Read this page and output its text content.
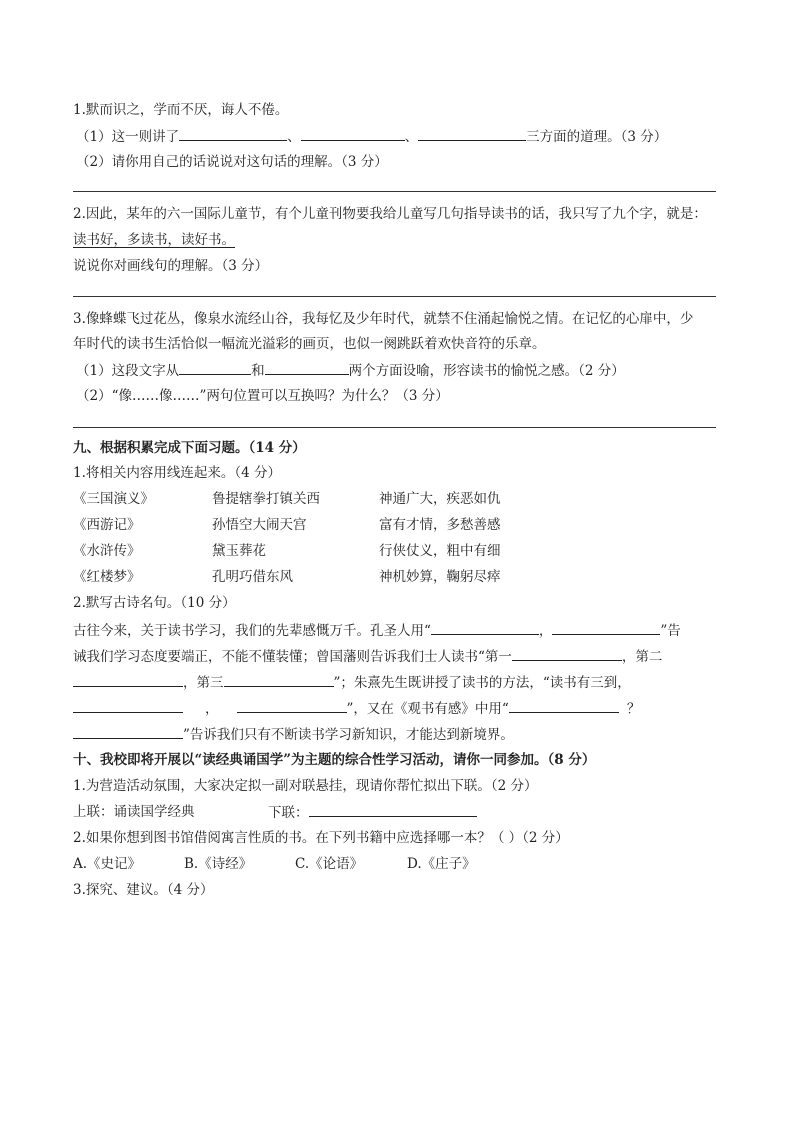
1.默而识之，学而不厌，诲人不倦。
（1）这一则讲了	、	、	三方面的道理。（3 分）
（2）请你用自己的话说说对这句话的理解。（3 分）
2.因此，某年的六一国际儿童节，有个儿童刊物要我给儿童写几句指导读书的话，我只写了九个字，就是：
读书好，多读书，读好书。
说说你对画线句的理解。（3 分）
3.像蜂蝶飞过花丛，像泉水流经山谷，我每忆及少年时代，就禁不住涌起愉悦之情。在记忆的心扉中，少
年时代的读书生活恰似一幅流光溢彩的画页，也似一阕跳跃着欢快音符的乐章。
（1）这段文字从	和	两个方面设喻，形容读书的愉悦之感。（2 分）
（2）“像……像……”两句位置可以互换吗？为什么？（3 分）
九、根据积累完成下面习题。（14 分）
1.将相关内容用线连起来。（4 分）
《三国演义》	鲁提辖拳打镇关西	神通广大，疾恶如仇
《西游记》	孙悟空大闹天宫	富有才情，多愁善感
《水浒传》	黛玉葬花	行侠仗义，粗中有细
《红楼梦》	孔明巧借东风	神机妙算，鞠躬尽瘁
2.默写古诗名句。（10 分）
古往今来，关于读书学习，我们的先辈感慨万千。孔圣人用“	，	”告
诫我们学习态度要端正，不能不懂装懂；曾国藩则告诉我们士人读书“第一	，第二
，第三	”；朱熹先生既讲授了读书的方法，“读书有三到，
，	”，又在《观书有感》中用“	？
”告诉我们只有不断读书学习新知识，才能达到新境界。
十、我校即将开展以“读经典诵国学”为主题的综合性学习活动，请你一同参加。（8 分）
1.为营造活动氛围，大家决定拟一副对联悬挂，现请你帮忙拟出下联。（2 分）
上联：诵读国学经典	下联：
2.如果你想到图书馆借阅寓言性质的书。在下列书籍中应选择哪一本？（ ）（2 分）
A.《史记》	B.《诗经》	C.《论语》	D.《庄子》
3.探究、建议。（4 分）
